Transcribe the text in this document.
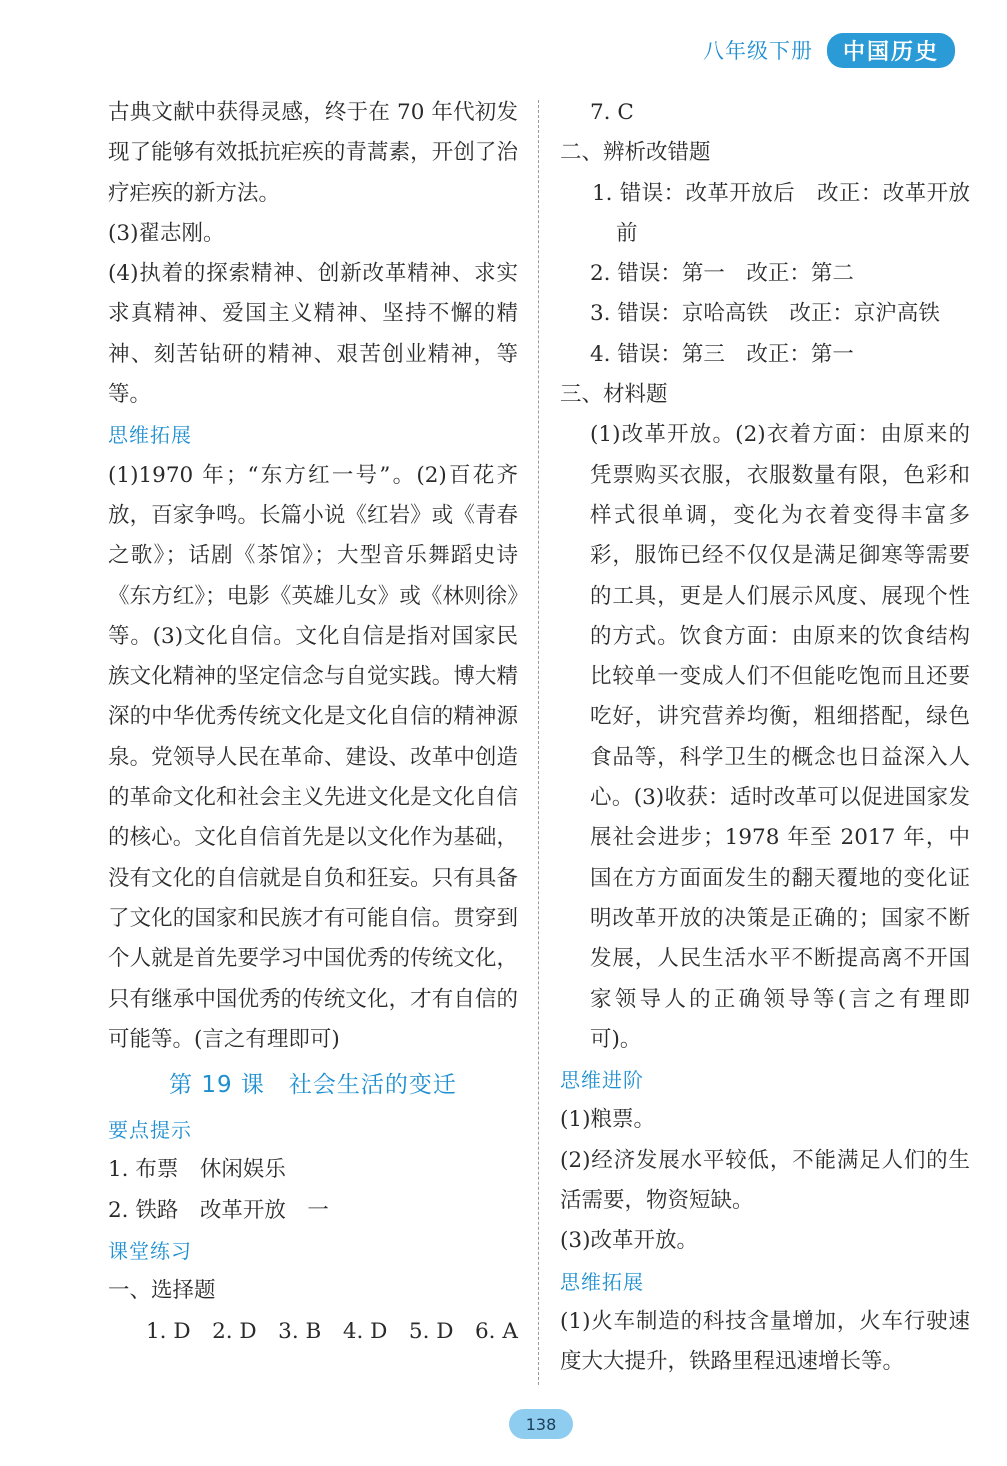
八年级下册	中国历史

古典文献中获得灵感，终于在 70 年代初发现了能够有效抵抗疟疾的青蒿素，开创了治疗疟疾的新方法。

(3)翟志刚。

(4)执着的探索精神、创新改革精神、求实求真精神、爱国主义精神、坚持不懈的精神、刻苦钻研的精神、艰苦创业精神，等等。

思维拓展

(1)1970 年；“东方红一号”。(2)百花齐放，百家争鸣。长篇小说《红岩》或《青春之歌》；话剧《茶馆》；大型音乐舞蹈史诗《东方红》；电影《英雄儿女》或《林则徐》等。(3)文化自信。文化自信是指对国家民族文化精神的坚定信念与自觉实践。博大精深的中华优秀传统文化是文化自信的精神源泉。党领导人民在革命、建设、改革中创造的革命文化和社会主义先进文化是文化自信的核心。文化自信首先是以文化作为基础，没有文化的自信就是自负和狂妄。只有具备了文化的国家和民族才有可能自信。贯穿到个人就是首先要学习中国优秀的传统文化，只有继承中国优秀的传统文化，才有自信的可能等。(言之有理即可)

第 19 课　社会生活的变迁
要点提示

1. 布票　休闲娱乐

2. 铁路　改革开放　一

课堂练习

一、选择题

1. D　2. D　3. B　4. D　5. D　6. A

7. C

二、辨析改错题

1. 错误：改革开放后　改正：改革开放前

2. 错误：第一　改正：第二

3. 错误：京哈高铁　改正：京沪高铁

4. 错误：第三　改正：第一

三、材料题

(1)改革开放。(2)衣着方面：由原来的凭票购买衣服，衣服数量有限，色彩和样式很单调，变化为衣着变得丰富多彩，服饰已经不仅仅是满足御寒等需要的工具，更是人们展示风度、展现个性的方式。饮食方面：由原来的饮食结构比较单一变成人们不但能吃饱而且还要吃好，讲究营养均衡，粗细搭配，绿色食品等，科学卫生的概念也日益深入人心。(3)收获：适时改革可以促进国家发展社会进步；1978 年至 2017 年，中国在方方面面发生的翻天覆地的变化证明改革开放的决策是正确的；国家不断发展，人民生活水平不断提高离不开国家领导人的正确领导等(言之有理即可)。

思维进阶

(1)粮票。

(2)经济发展水平较低，不能满足人们的生活需要，物资短缺。

(3)改革开放。

思维拓展

(1)火车制造的科技含量增加，火车行驶速度大大提升，铁路里程迅速增长等。

138
